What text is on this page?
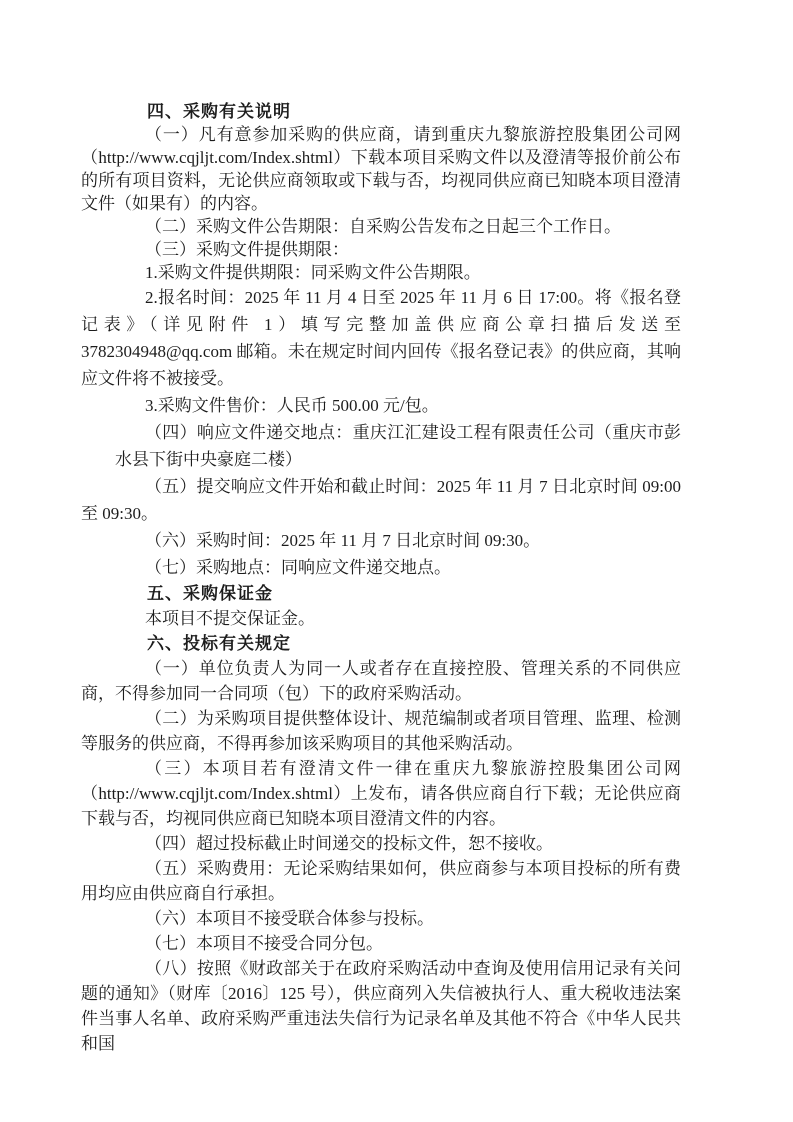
四、采购有关说明

（一）凡有意参加采购的供应商，请到重庆九黎旅游控股集团公司网（http://www.cqjljt.com/Index.shtml）下载本项目采购文件以及澄清等报价前公布的所有项目资料，无论供应商领取或下载与否，均视同供应商已知晓本项目澄清文件（如果有）的内容。

（二）采购文件公告期限：自采购公告发布之日起三个工作日。

（三）采购文件提供期限：

1.采购文件提供期限：同采购文件公告期限。

2.报名时间：2025 年 11 月 4 日至 2025 年 11 月 6 日 17:00。将《报名登记表》（详见附件 1）填写完整加盖供应商公章扫描后发送至 3782304948@qq.com 邮箱。未在规定时间内回传《报名登记表》的供应商，其响应文件将不被接受。

3.采购文件售价：人民币 500.00 元/包。

（四）响应文件递交地点：重庆江汇建设工程有限责任公司（重庆市彭水县下街中央豪庭二楼）

（五）提交响应文件开始和截止时间：2025 年 11 月 7 日北京时间 09:00 至 09:30。

（六）采购时间：2025 年 11 月 7 日北京时间 09:30。

（七）采购地点：同响应文件递交地点。

五、采购保证金

本项目不提交保证金。

六、投标有关规定

（一）单位负责人为同一人或者存在直接控股、管理关系的不同供应商，不得参加同一合同项（包）下的政府采购活动。

（二）为采购项目提供整体设计、规范编制或者项目管理、监理、检测等服务的供应商，不得再参加该采购项目的其他采购活动。

（三）本项目若有澄清文件一律在重庆九黎旅游控股集团公司网（http://www.cqjljt.com/Index.shtml）上发布，请各供应商自行下载；无论供应商下载与否，均视同供应商已知晓本项目澄清文件的内容。

（四）超过投标截止时间递交的投标文件，恕不接收。

（五）采购费用：无论采购结果如何，供应商参与本项目投标的所有费用均应由供应商自行承担。

（六）本项目不接受联合体参与投标。

（七）本项目不接受合同分包。

（八）按照《财政部关于在政府采购活动中查询及使用信用记录有关问题的通知》（财库〔2016〕125 号），供应商列入失信被执行人、重大税收违法案件当事人名单、政府采购严重违法失信行为记录名单及其他不符合《中华人民共和国
